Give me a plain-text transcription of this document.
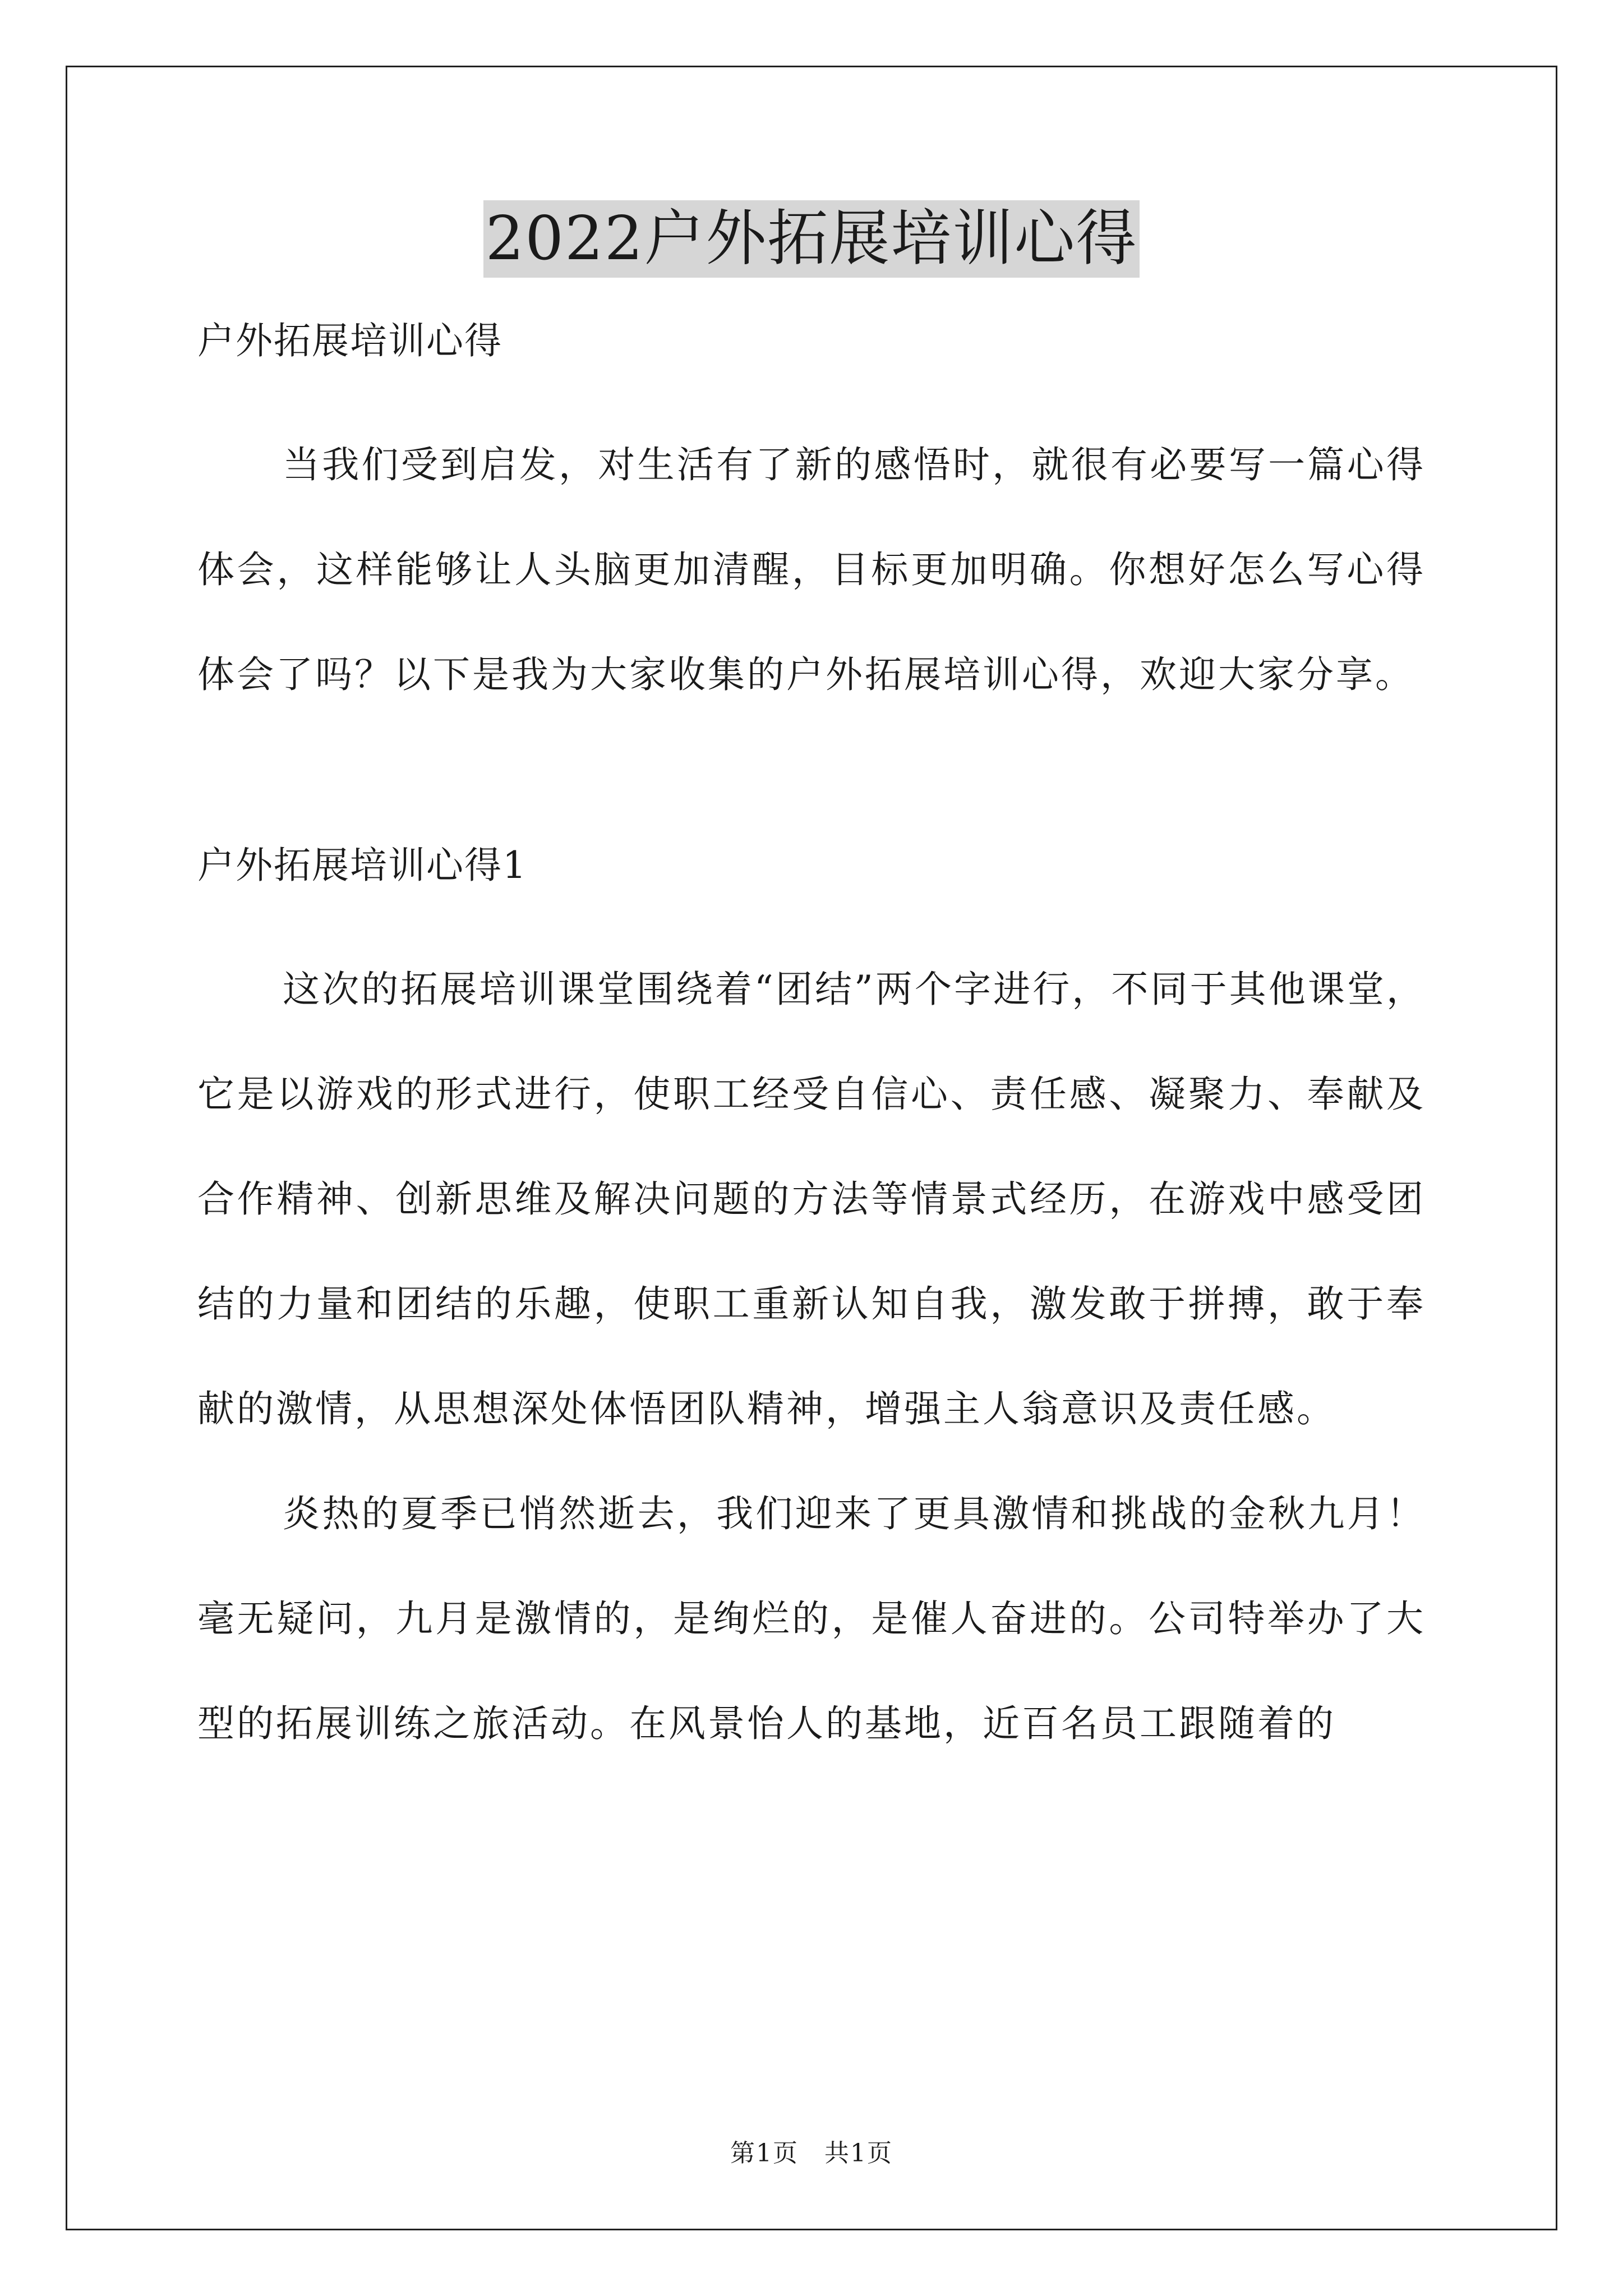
2022户外拓展培训心得

户外拓展培训心得

当我们受到启发，对生活有了新的感悟时，就很有必要写一篇心得体会，这样能够让人头脑更加清醒，目标更加明确。你想好怎么写心得体会了吗？以下是我为大家收集的户外拓展培训心得，欢迎大家分享。

户外拓展培训心得1

这次的拓展培训课堂围绕着“团结”两个字进行，不同于其他课堂，它是以游戏的形式进行，使职工经受自信心、责任感、凝聚力、奉献及合作精神、创新思维及解决问题的方法等情景式经历，在游戏中感受团结的力量和团结的乐趣，使职工重新认知自我，激发敢于拼搏，敢于奉献的激情，从思想深处体悟团队精神，增强主人翁意识及责任感。

炎热的夏季已悄然逝去，我们迎来了更具激情和挑战的金秋九月！毫无疑问，九月是激情的，是绚烂的，是催人奋进的。公司特举办了大型的拓展训练之旅活动。在风景怡人的基地，近百名员工跟随着的

第1页　共1页
